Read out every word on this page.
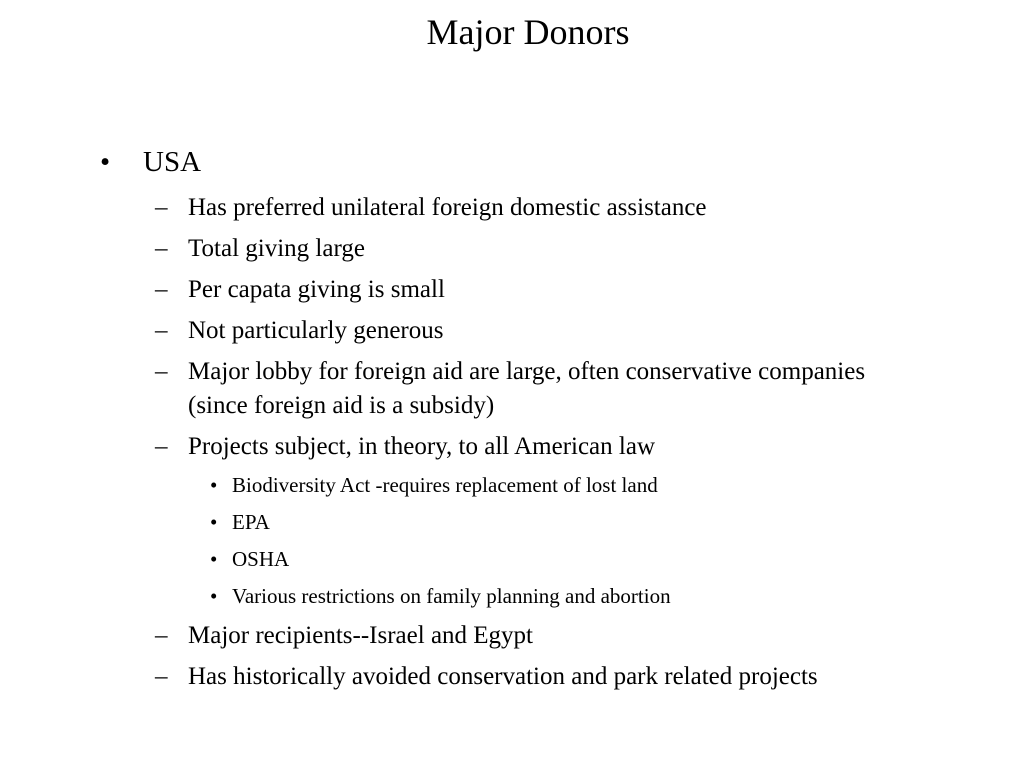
Major Donors
• USA
– Has preferred unilateral foreign domestic assistance
– Total giving large
– Per capata giving is small
– Not particularly generous
– Major lobby for foreign aid are large, often conservative companies (since foreign aid is a subsidy)
– Projects subject, in theory, to all American law
• Biodiversity Act -requires replacement of lost land
• EPA
• OSHA
• Various restrictions on family planning and abortion
– Major recipients--Israel and Egypt
– Has historically avoided conservation and park related projects
